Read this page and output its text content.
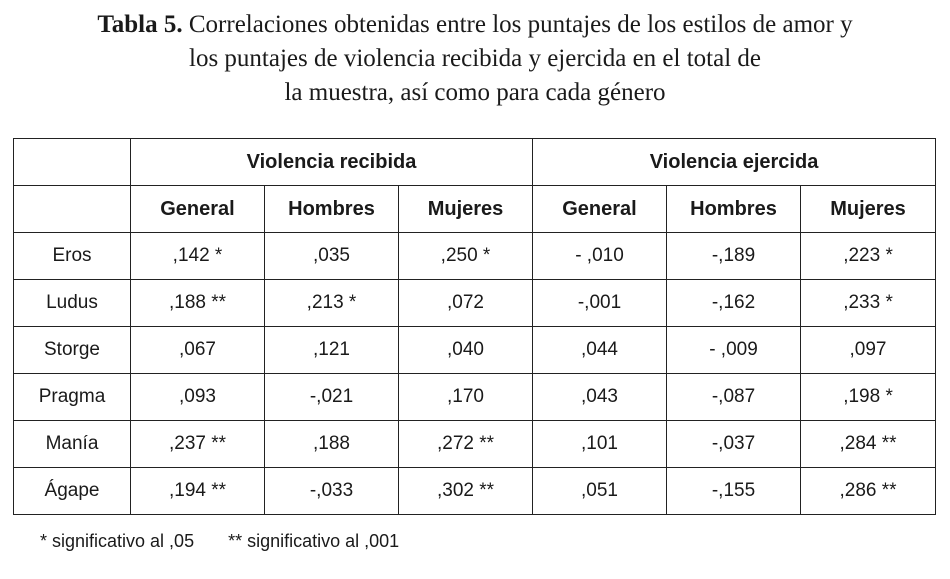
Tabla 5. Correlaciones obtenidas entre los puntajes de los estilos de amor y
los puntajes de violencia recibida y ejercida en el total de
la muestra, así como para cada género
	Violencia recibida			Violencia ejercida		
	General	Hombres	Mujeres	General	Hombres	Mujeres
Eros	,142 *	,035	,250 *	- ,010	-,189	,223 *
Ludus	,188 **	,213 *	,072	-,001	-,162	,233 *
Storge	,067	,121	,040	,044	- ,009	,097
Pragma	,093	-,021	,170	,043	-,087	,198 *
Manía	,237 **	,188	,272 **	,101	-,037	,284 **
Ágape	,194 **	-,033	,302 **	,051	-,155	,286 **
* significativo al ,05 ** significativo al ,001
